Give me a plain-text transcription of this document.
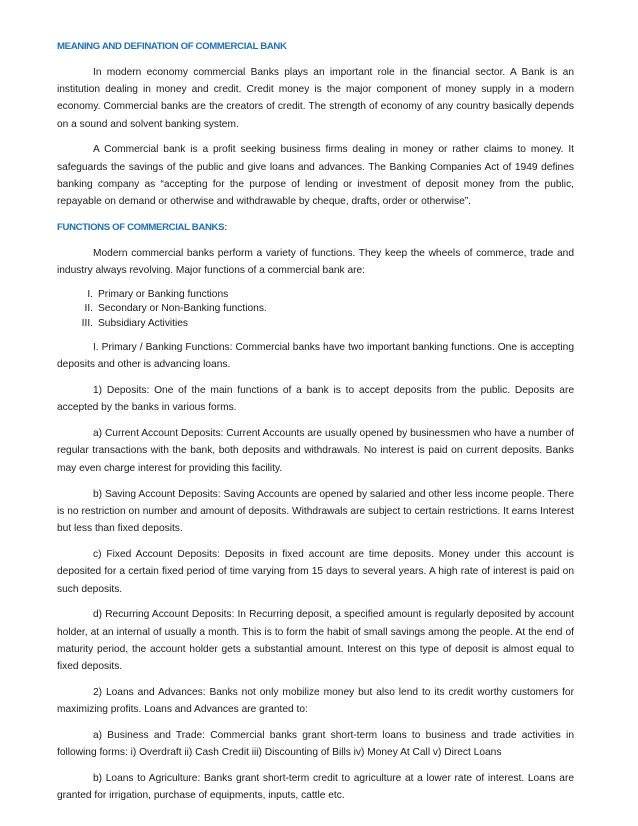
MEANING AND DEFINATION OF COMMERCIAL BANK

In modern economy commercial Banks plays an important role in the financial sector. A Bank is an institution dealing in money and credit. Credit money is the major component of money supply in a modern economy. Commercial banks are the creators of credit. The strength of economy of any country basically depends on a sound and solvent banking system.

A Commercial bank is a profit seeking business firms dealing in money or rather claims to money. It safeguards the savings of the public and give loans and advances. The Banking Companies Act of 1949 defines banking company as “accepting for the purpose of lending or investment of deposit money from the public, repayable on demand or otherwise and withdrawable by cheque, drafts, order or otherwise”.

FUNCTIONS OF COMMERCIAL BANKS:

Modern commercial banks perform a variety of functions. They keep the wheels of commerce, trade and industry always revolving. Major functions of a commercial bank are:

I. Primary or Banking functions
II. Secondary or Non-Banking functions.
III. Subsidiary Activities

I. Primary / Banking Functions: Commercial banks have two important banking functions. One is accepting deposits and other is advancing loans.

1) Deposits: One of the main functions of a bank is to accept deposits from the public. Deposits are accepted by the banks in various forms.

a) Current Account Deposits: Current Accounts are usually opened by businessmen who have a number of regular transactions with the bank, both deposits and withdrawals. No interest is paid on current deposits. Banks may even charge interest for providing this facility.

b) Saving Account Deposits: Saving Accounts are opened by salaried and other less income people. There is no restriction on number and amount of deposits. Withdrawals are subject to certain restrictions. It earns Interest but less than fixed deposits.

c) Fixed Account Deposits: Deposits in fixed account are time deposits. Money under this account is deposited for a certain fixed period of time varying from 15 days to several years. A high rate of interest is paid on such deposits.

d) Recurring Account Deposits: In Recurring deposit, a specified amount is regularly deposited by account holder, at an internal of usually a month. This is to form the habit of small savings among the people. At the end of maturity period, the account holder gets a substantial amount. Interest on this type of deposit is almost equal to fixed deposits.

2) Loans and Advances: Banks not only mobilize money but also lend to its credit worthy customers for maximizing profits. Loans and Advances are granted to:

a) Business and Trade: Commercial banks grant short-term loans to business and trade activities in following forms: i) Overdraft ii) Cash Credit iii) Discounting of Bills iv) Money At Call v) Direct Loans

b) Loans to Agriculture: Banks grant short-term credit to agriculture at a lower rate of interest. Loans are granted for irrigation, purchase of equipments, inputs, cattle etc.
